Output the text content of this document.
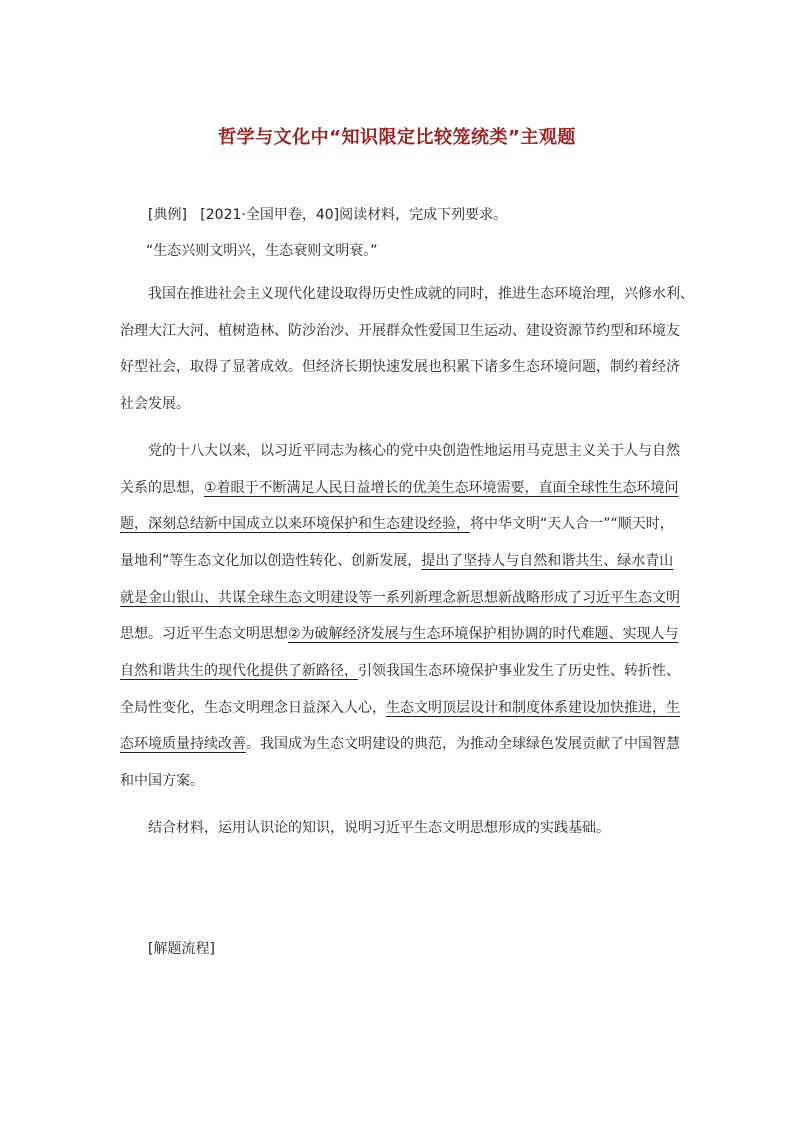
哲学与文化中“知识限定比较笼统类”主观题
[典例] [2021·全国甲卷，40]阅读材料，完成下列要求。
“生态兴则文明兴，生态衰则文明衰。”
我国在推进社会主义现代化建设取得历史性成就的同时，推进生态环境治理，兴修水利、
治理大江大河、植树造林、防沙治沙、开展群众性爱国卫生运动、建设资源节约型和环境友
好型社会，取得了显著成效。但经济长期快速发展也积累下诸多生态环境问题，制约着经济
社会发展。
党的十八大以来，以习近平同志为核心的党中央创造性地运用马克思主义关于人与自然
关系的思想，①着眼于不断满足人民日益增长的优美生态环境需要，直面全球性生态环境问
题，深刻总结新中国成立以来环境保护和生态建设经验，将中华文明“天人合一”“顺天时，
量地利”等生态文化加以创造性转化、创新发展，提出了坚持人与自然和谐共生、绿水青山
就是金山银山、共谋全球生态文明建设等一系列新理念新思想新战略形成了习近平生态文明
思想。习近平生态文明思想②为破解经济发展与生态环境保护相协调的时代难题、实现人与
自然和谐共生的现代化提供了新路径，引领我国生态环境保护事业发生了历史性、转折性、
全局性变化，生态文明理念日益深入人心，生态文明顶层设计和制度体系建设加快推进，生
态环境质量持续改善。我国成为生态文明建设的典范，为推动全球绿色发展贡献了中国智慧
和中国方案。
结合材料，运用认识论的知识，说明习近平生态文明思想形成的实践基础。
[解题流程]
